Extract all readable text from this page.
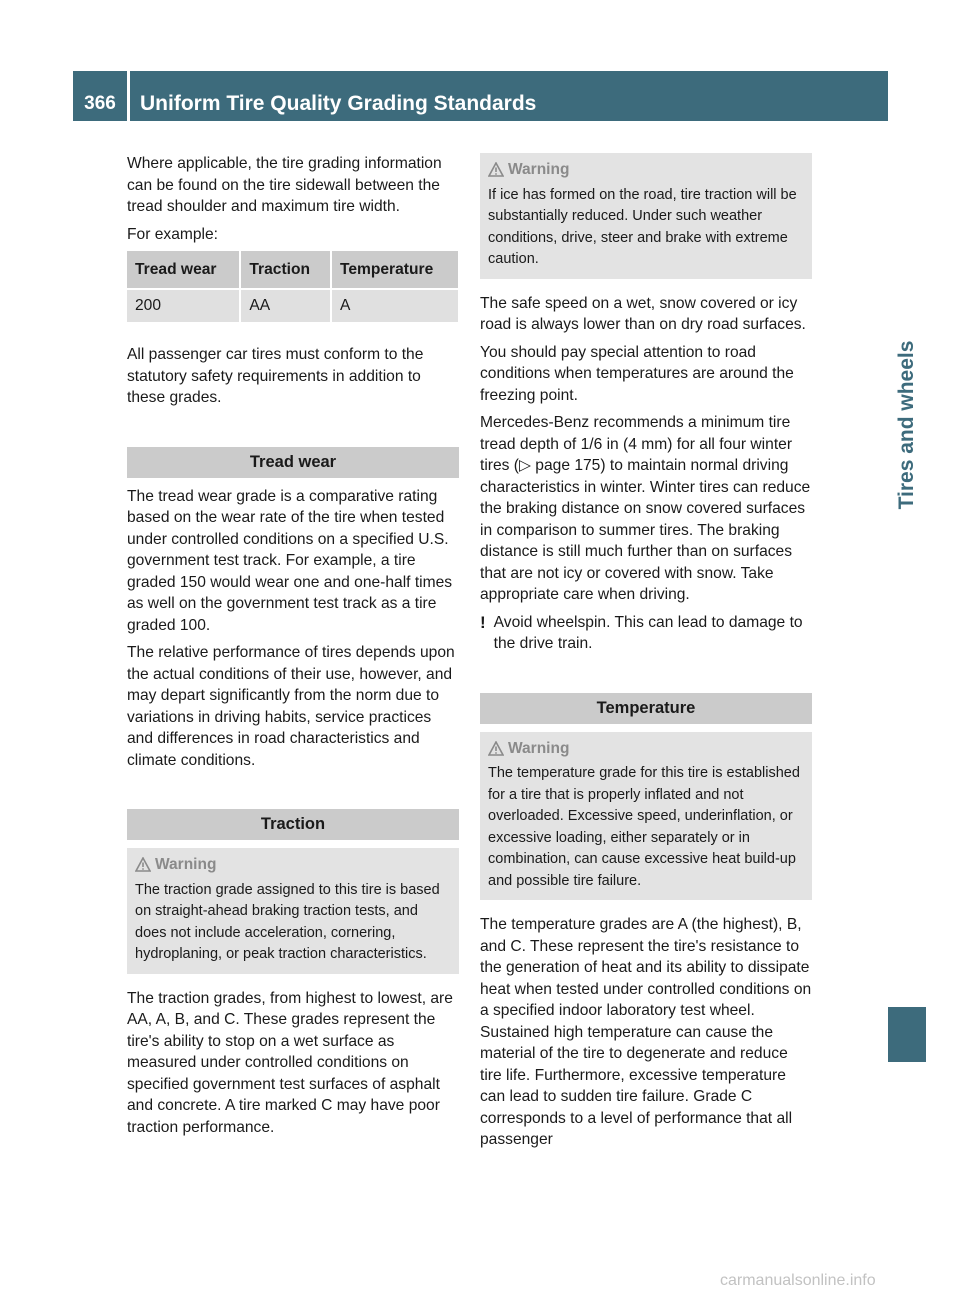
366	Uniform Tire Quality Grading Standards
Tires and wheels

Where applicable, the tire grading information can be found on the tire sidewall between the tread shoulder and maximum tire width.

For example:

Tread wear	Traction	Temperature
200	AA	A

All passenger car tires must conform to the statutory safety requirements in addition to these grades.

Tread wear

The tread wear grade is a comparative rating based on the wear rate of the tire when tested under controlled conditions on a specified U.S. government test track. For example, a tire graded 150 would wear one and one-half times as well on the government test track as a tire graded 100.

The relative performance of tires depends upon the actual conditions of their use, however, and may depart significantly from the norm due to variations in driving habits, service practices and differences in road characteristics and climate conditions.

Traction
Warning
The traction grade assigned to this tire is based on straight-ahead braking traction tests, and does not include acceleration, cornering, hydroplaning, or peak traction characteristics.

The traction grades, from highest to lowest, are AA, A, B, and C. These grades represent the tire's ability to stop on a wet surface as measured under controlled conditions on specified government test surfaces of asphalt and concrete. A tire marked C may have poor traction performance.

Warning
If ice has formed on the road, tire traction will be substantially reduced. Under such weather conditions, drive, steer and brake with extreme caution.

The safe speed on a wet, snow covered or icy road is always lower than on dry road surfaces.

You should pay special attention to road conditions when temperatures are around the freezing point.

Mercedes-Benz recommends a minimum tire tread depth of 1/6 in (4 mm) for all four winter tires (▷ page 175) to maintain normal driving characteristics in winter. Winter tires can reduce the braking distance on snow covered surfaces in comparison to summer tires. The braking distance is still much further than on surfaces that are not icy or covered with snow. Take appropriate care when driving.

! Avoid wheelspin. This can lead to damage to the drive train.
Temperature
Warning
The temperature grade for this tire is established for a tire that is properly inflated and not overloaded. Excessive speed, underinflation, or excessive loading, either separately or in combination, can cause excessive heat build-up and possible tire failure.

The temperature grades are A (the highest), B, and C. These represent the tire's resistance to the generation of heat and its ability to dissipate heat when tested under controlled conditions on a specified indoor laboratory test wheel. Sustained high temperature can cause the material of the tire to degenerate and reduce tire life. Furthermore, excessive temperature can lead to sudden tire failure. Grade C corresponds to a level of performance that all passenger

carmanualsonline.info
